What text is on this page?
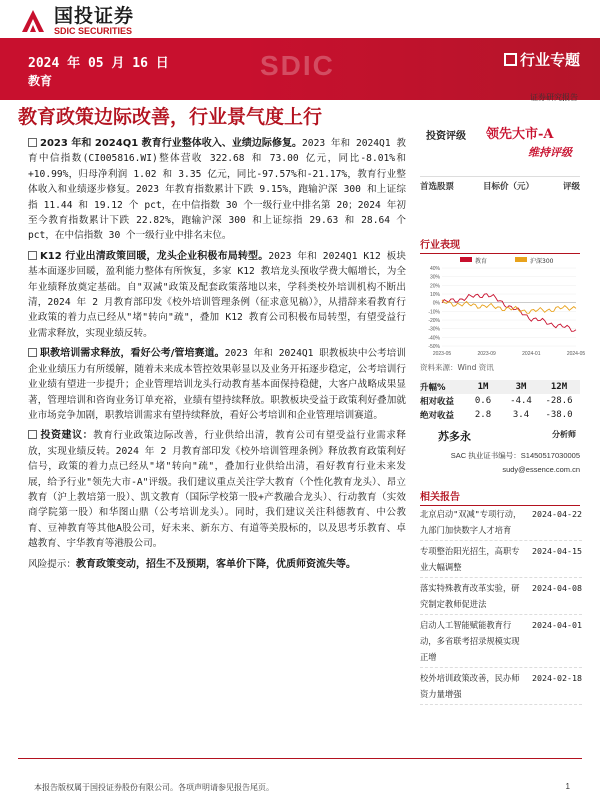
国投证券
SDIC SECURITIES
SDIC
2024 年 05 月 16 日
教育
行业专题
证券研究报告
教育政策边际改善，行业景气度上行

2023 年和 2024Q1 教育行业整体收入、业绩边际修复。2023 年和 2024Q1 教育中信指数(CI005816.WI)整体营收 322.68 和 73.00 亿元，同比-8.01%和+10.99%，归母净利润 1.02 和 3.35 亿元，同比-97.57%和-21.17%，教育行业整体收入和业绩逐步修复。2023 年教育指数累计下跌 9.15%，跑输沪深 300 和上证综指 11.44 和 19.12 个 pct，在中信指数 30 个一级行业中排名第 20；2024 年初至今教育指数累计下跌 22.82%，跑输沪深 300 和上证综指 29.63 和 28.64 个 pct，在中信指数 30 个一级行业中排名末位。

K12 行业出清政策回暖，龙头企业积极布局转型。2023 年和 2024Q1 K12 板块基本面逐步回暖，盈利能力整体有所恢复，多家 K12 教培龙头预收学费大幅增长，为全年业绩释放奠定基础。自"双减"政策及配套政策落地以来，学科类校外培训机构不断出清，2024 年 2 月教育部印发《校外培训管理条例（征求意见稿）》，从措辞来看教育行业政策的着力点已经从"堵"转向"疏"，叠加 K12 教育公司积极布局转型，有望受益行业需求释放，实现业绩反转。

职教培训需求释放，看好公考/管培赛道。2023 年和 2024Q1 职教板块中公考培训企业业绩压力有所缓解，随着未来成本管控效果彰显以及业务开拓逐步稳定，公考培训行业业绩有望进一步提升；企业管理培训龙头行动教育基本面保持稳健，大客户战略成果显著，管理培训和咨询业务订单充裕，业绩有望持续释放。职教板块受益于政策利好叠加就业市场竞争加剧，职教培训需求有望持续释放，看好公考培训和企业管理培训赛道。

投资建议：教育行业政策边际改善，行业供给出清，教育公司有望受益行业需求释放，实现业绩反转。2024 年 2 月教育部印发《校外培训管理条例》释放教育政策利好信号，政策的着力点已经从"堵"转向"疏"，叠加行业供给出清，看好教育行业未来发展，给予行业"领先大市-A"评级。我们建议重点关注学大教育（个性化教育龙头）、昂立教育（沪上教培第一股）、凯文教育（国际学校第一股+产教融合龙头）、行动教育（实效商学院第一股）和华图山鼎（公考培训龙头）。同时，我们建议关注科德教育、中公教育、豆神教育等其他A股公司，好未来、新东方、有道等美股标的，以及思考乐教育、卓越教育、宇华教育等港股公司。

风险提示：教育政策变动，招生不及预期，客单价下降，优质师资流失等。

投资评级 领先大市-A
维持评级
首选股票	目标价（元）	评级
行业表现
教育	沪深300
40%
30%
20%
10%
0%
-10%
-20%
-30%
-40%
-50%
2023-05	2023-09	2024-01	2024-05
资料来源：Wind 资讯
升幅%	1M	3M	12M
相对收益	0.6	-4.4	-28.6
绝对收益	2.8	3.4	-38.0
苏多永	分析师
SAC 执业证书编号：S1450517030005
sudy@essence.com.cn
相关报告
北京启动"双减"专项行动，九部门加快数字人才培育
2024-04-22
专项整治阳光招生，高职专业大幅调整
2024-04-15
落实特殊教育改革实验，研究制定教师促进法
2024-04-08
启动人工智能赋能教育行动，多省联考招录规模实现正增
2024-04-01
校外培训政策改善，民办师资力量增强
2024-02-18
本报告版权属于国投证券股份有限公司。各项声明请参见报告尾页。	1
